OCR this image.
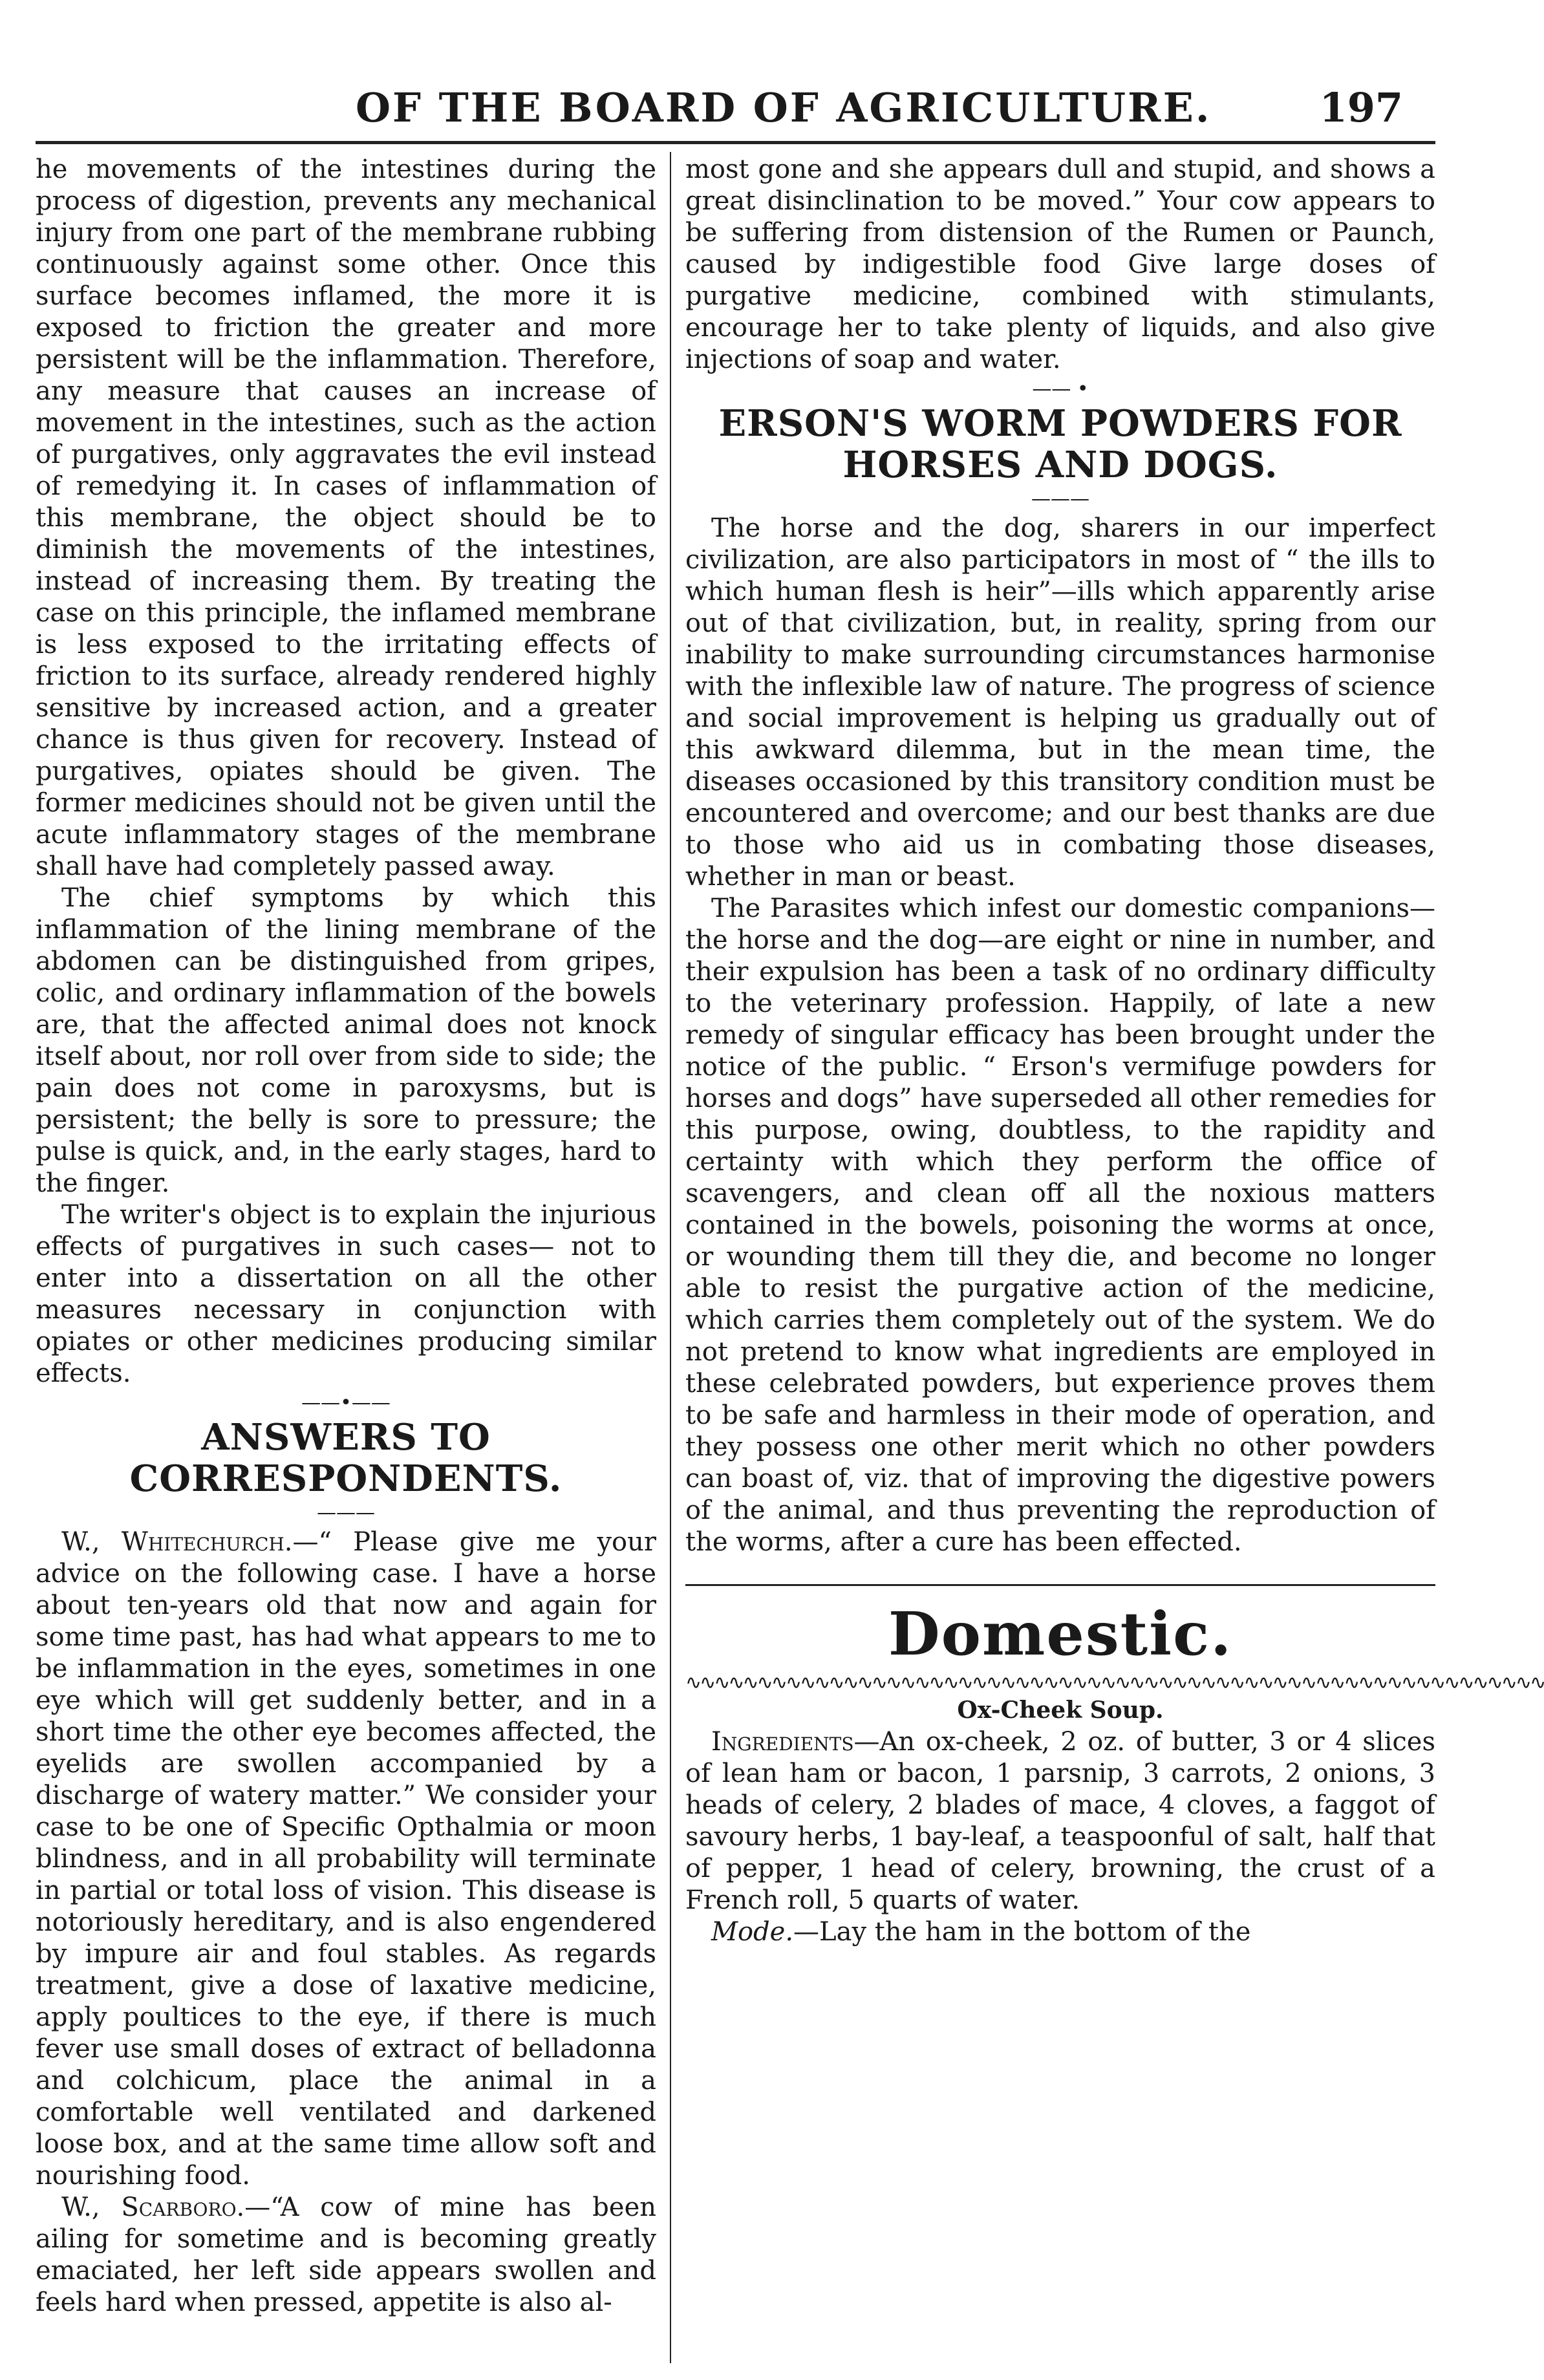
OF THE BOARD OF AGRICULTURE.	197

he movements of the intestines during the process of digestion, prevents any mechanical injury from one part of the membrane rubbing continuously against some other. Once this surface becomes inflamed, the more it is exposed to friction the greater and more persistent will be the inflammation. Therefore, any measure that causes an increase of movement in the intestines, such as the action of purgatives, only aggravates the evil instead of remedying it. In cases of inflammation of this membrane, the object should be to diminish the movements of the intestines, instead of increasing them. By treating the case on this principle, the inflamed membrane is less exposed to the irritating effects of friction to its surface, already rendered highly sensitive by increased action, and a greater chance is thus given for recovery. Instead of purgatives, opiates should be given. The former medicines should not be given until the acute inflammatory stages of the membrane shall have had completely passed away.

The chief symptoms by which this inflammation of the lining membrane of the abdomen can be distinguished from gripes, colic, and ordinary inflammation of the bowels are, that the affected animal does not knock itself about, nor roll over from side to side; the pain does not come in paroxysms, but is persistent; the belly is sore to pressure; the pulse is quick, and, in the early stages, hard to the finger.

The writer's object is to explain the injurious effects of purgatives in such cases— not to enter into a dissertation on all the other measures necessary in conjunction with opiates or other medicines producing similar effects.

——•——
ANSWERS TO CORRESPONDENTS.
———

W., Whitechurch.—“ Please give me your advice on the following case. I have a horse about ten-years old that now and again for some time past, has had what appears to me to be inflammation in the eyes, sometimes in one eye which will get suddenly better, and in a short time the other eye becomes affected, the eyelids are swollen accompanied by a discharge of watery matter.” We consider your case to be one of Specific Opthalmia or moon blindness, and in all probability will terminate in partial or total loss of vision. This disease is notoriously hereditary, and is also engendered by impure air and foul stables. As regards treatment, give a dose of laxative medicine, apply poultices to the eye, if there is much fever use small doses of extract of belladonna and colchicum, place the animal in a comfortable well ventilated and darkened loose box, and at the same time allow soft and nourishing food.

W., Scarboro.—“A cow of mine has been ailing for sometime and is becoming greatly emaciated, her left side appears swollen and feels hard when pressed, appetite is also al-

most gone and she appears dull and stupid, and shows a great disinclination to be moved.” Your cow appears to be suffering from distension of the Rumen or Paunch, caused by indigestible food Give large doses of purgative medicine, combined with stimulants, encourage her to take plenty of liquids, and also give injections of soap and water.

—— •
ERSON'S WORM POWDERS FOR
HORSES AND DOGS.
———

The horse and the dog, sharers in our imperfect civilization, are also participators in most of “ the ills to which human flesh is heir”—ills which apparently arise out of that civilization, but, in reality, spring from our inability to make surrounding circumstances harmonise with the inflexible law of nature. The progress of science and social improvement is helping us gradually out of this awkward dilemma, but in the mean time, the diseases occasioned by this transitory condition must be encountered and overcome; and our best thanks are due to those who aid us in combating those diseases, whether in man or beast.

The Parasites which infest our domestic companions—the horse and the dog—are eight or nine in number, and their expulsion has been a task of no ordinary difficulty to the veterinary profession. Happily, of late a new remedy of singular efficacy has been brought under the notice of the public. “ Erson's vermifuge powders for horses and dogs” have superseded all other remedies for this purpose, owing, doubtless, to the rapidity and certainty with which they perform the office of scavengers, and clean off all the noxious matters contained in the bowels, poisoning the worms at once, or wounding them till they die, and become no longer able to resist the purgative action of the medicine, which carries them completely out of the system. We do not pretend to know what ingredients are employed in these celebrated powders, but experience proves them to be safe and harmless in their mode of operation, and they possess one other merit which no other powders can boast of, viz. that of improving the digestive powers of the animal, and thus preventing the reproduction of the worms, after a cure has been effected.

Domestic.
∿∿∿∿∿∿∿∿∿∿∿∿∿∿∿∿∿∿∿∿∿∿∿∿∿∿∿∿∿∿∿∿∿∿∿∿∿∿∿∿∿∿∿∿∿∿∿∿∿∿∿∿∿∿∿∿∿∿∿∿
Ox-Cheek Soup.

Ingredients—An ox-cheek, 2 oz. of butter, 3 or 4 slices of lean ham or bacon, 1 parsnip, 3 carrots, 2 onions, 3 heads of celery, 2 blades of mace, 4 cloves, a faggot of savoury herbs, 1 bay-leaf, a teaspoonful of salt, half that of pepper, 1 head of celery, browning, the crust of a French roll, 5 quarts of water.

Mode.—Lay the ham in the bottom of the
